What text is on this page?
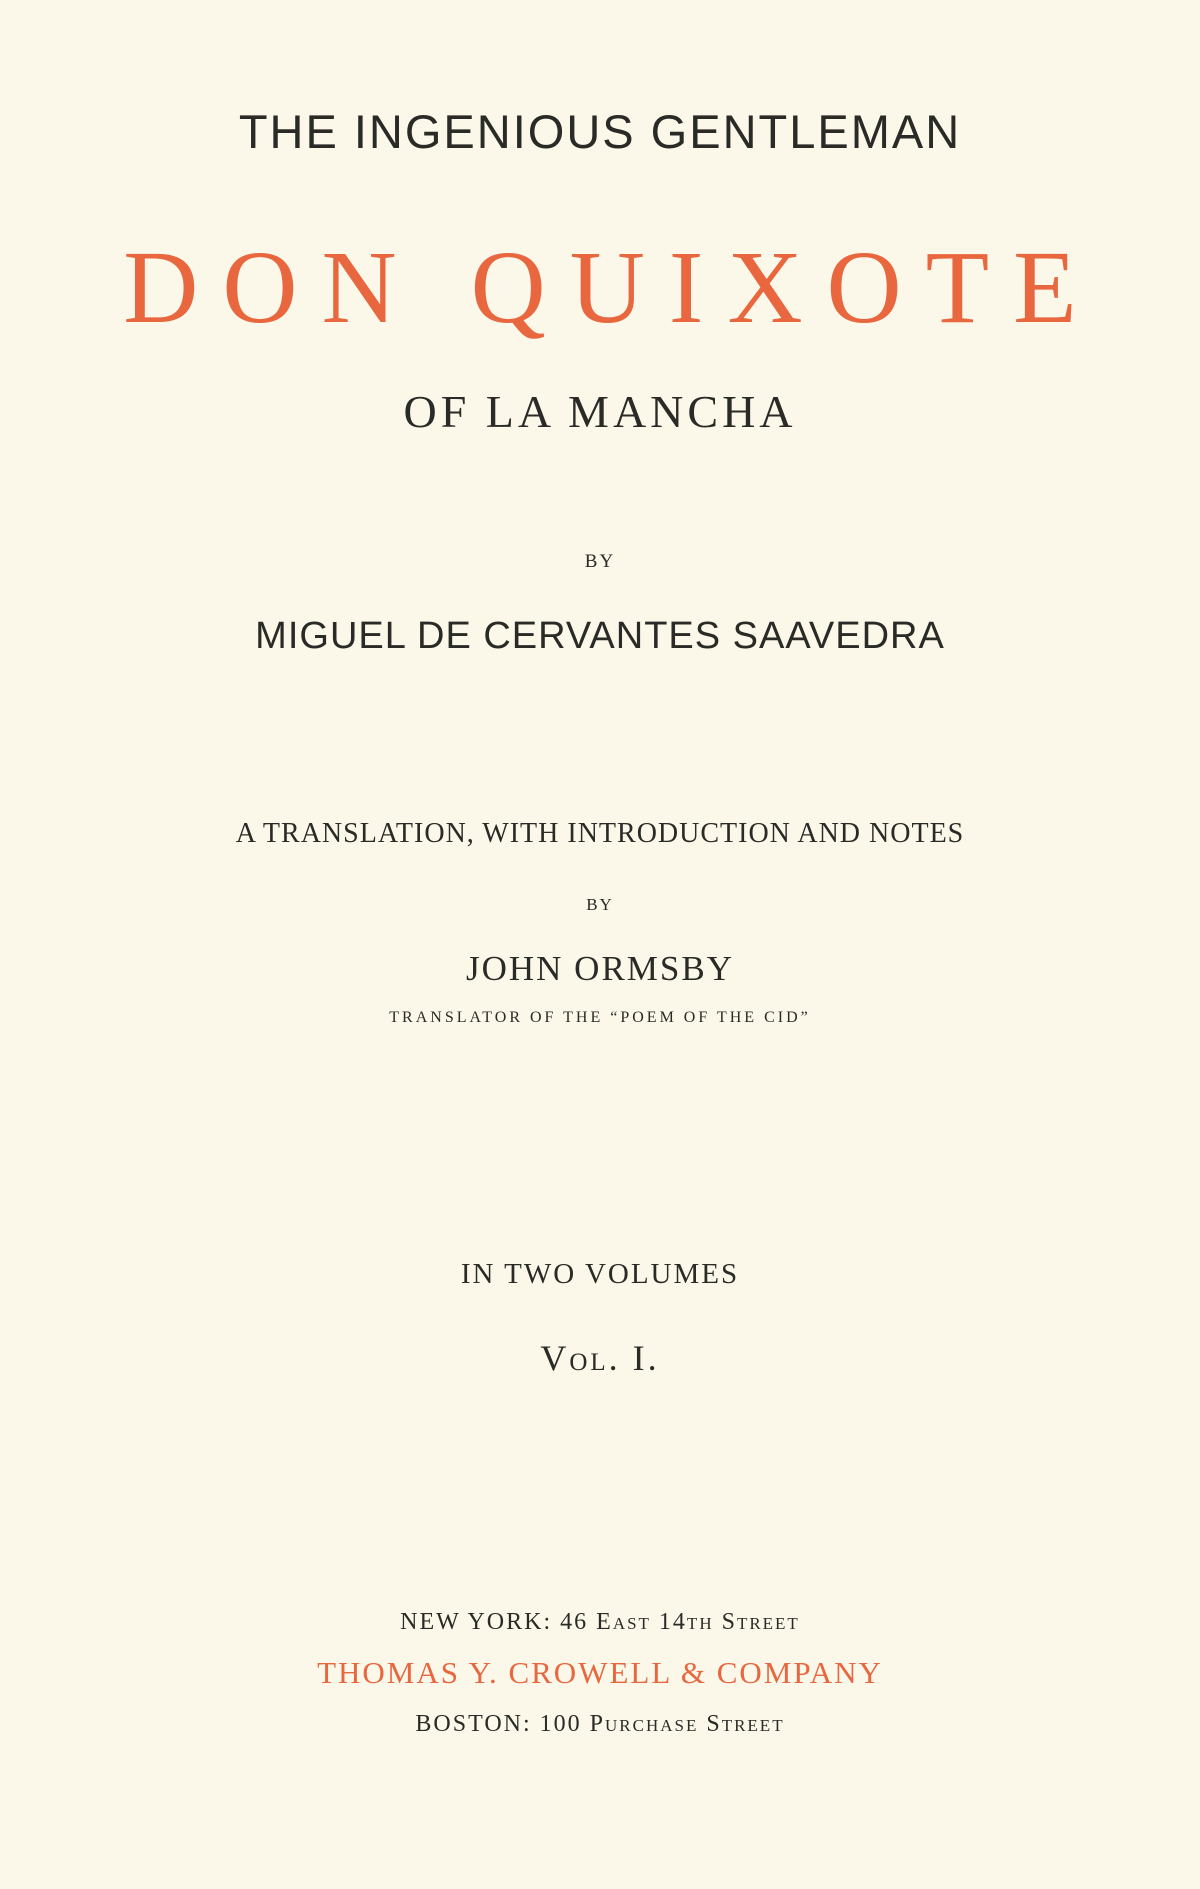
THE INGENIOUS GENTLEMAN
DON QUIXOTE
OF LA MANCHA
BY
MIGUEL DE CERVANTES SAAVEDRA
A TRANSLATION, WITH INTRODUCTION AND NOTES
BY
JOHN ORMSBY
TRANSLATOR OF THE “POEM OF THE CID”
IN TWO VOLUMES
Vol. I.
NEW YORK: 46 East 14th Street
THOMAS Y. CROWELL & COMPANY
BOSTON: 100 Purchase Street
